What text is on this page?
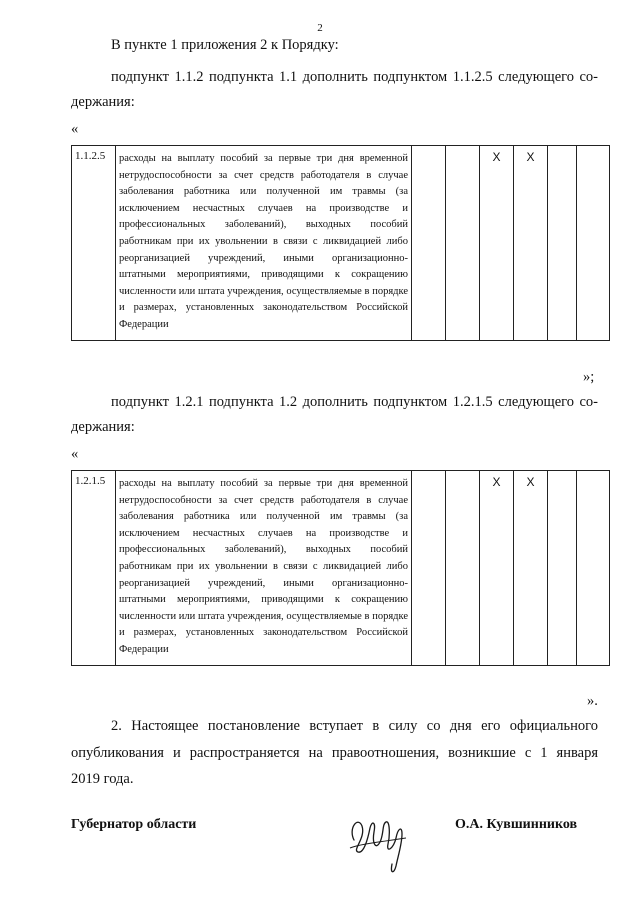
2
В пункте 1 приложения 2 к Порядку:
подпункт 1.1.2 подпункта 1.1 дополнить подпунктом 1.1.2.5 следующего со-
держания:
«
1.1.2.5	расходы на выплату пособий за первые три дня временной нетрудоспособности за счет средств работодателя в случае заболевания работника или полученной им травмы (за исключением несчастных случаев на производстве и профессиональных заболеваний), выходных пособий работникам при их увольнении в связи с ликвидацией либо реорганизацией учреждений, иными организационно-штатными мероприятиями, приводящими к сокращению численности или штата учреждения, осуществляемые в порядке и размерах, установленных законодательством Российской Федерации			X	X		
»;
подпункт 1.2.1 подпункта 1.2 дополнить подпунктом 1.2.1.5 следующего со-
держания:
«
1.2.1.5	расходы на выплату пособий за первые три дня временной нетрудоспособности за счет средств работодателя в случае заболевания работника или полученной им травмы (за исключением несчастных случаев на производстве и профессиональных заболеваний), выходных пособий работникам при их увольнении в связи с ликвидацией либо реорганизацией учреждений, иными организационно-штатными мероприятиями, приводящими к сокращению численности или штата учреждения, осуществляемые в порядке и размерах, установленных законодательством Российской Федерации			X	X		
».
2. Настоящее постановление вступает в силу со дня его официального
опубликования и распространяется на правоотношения, возникшие с 1 января
2019 года.
Губернатор области	О.А. Кувшинников
